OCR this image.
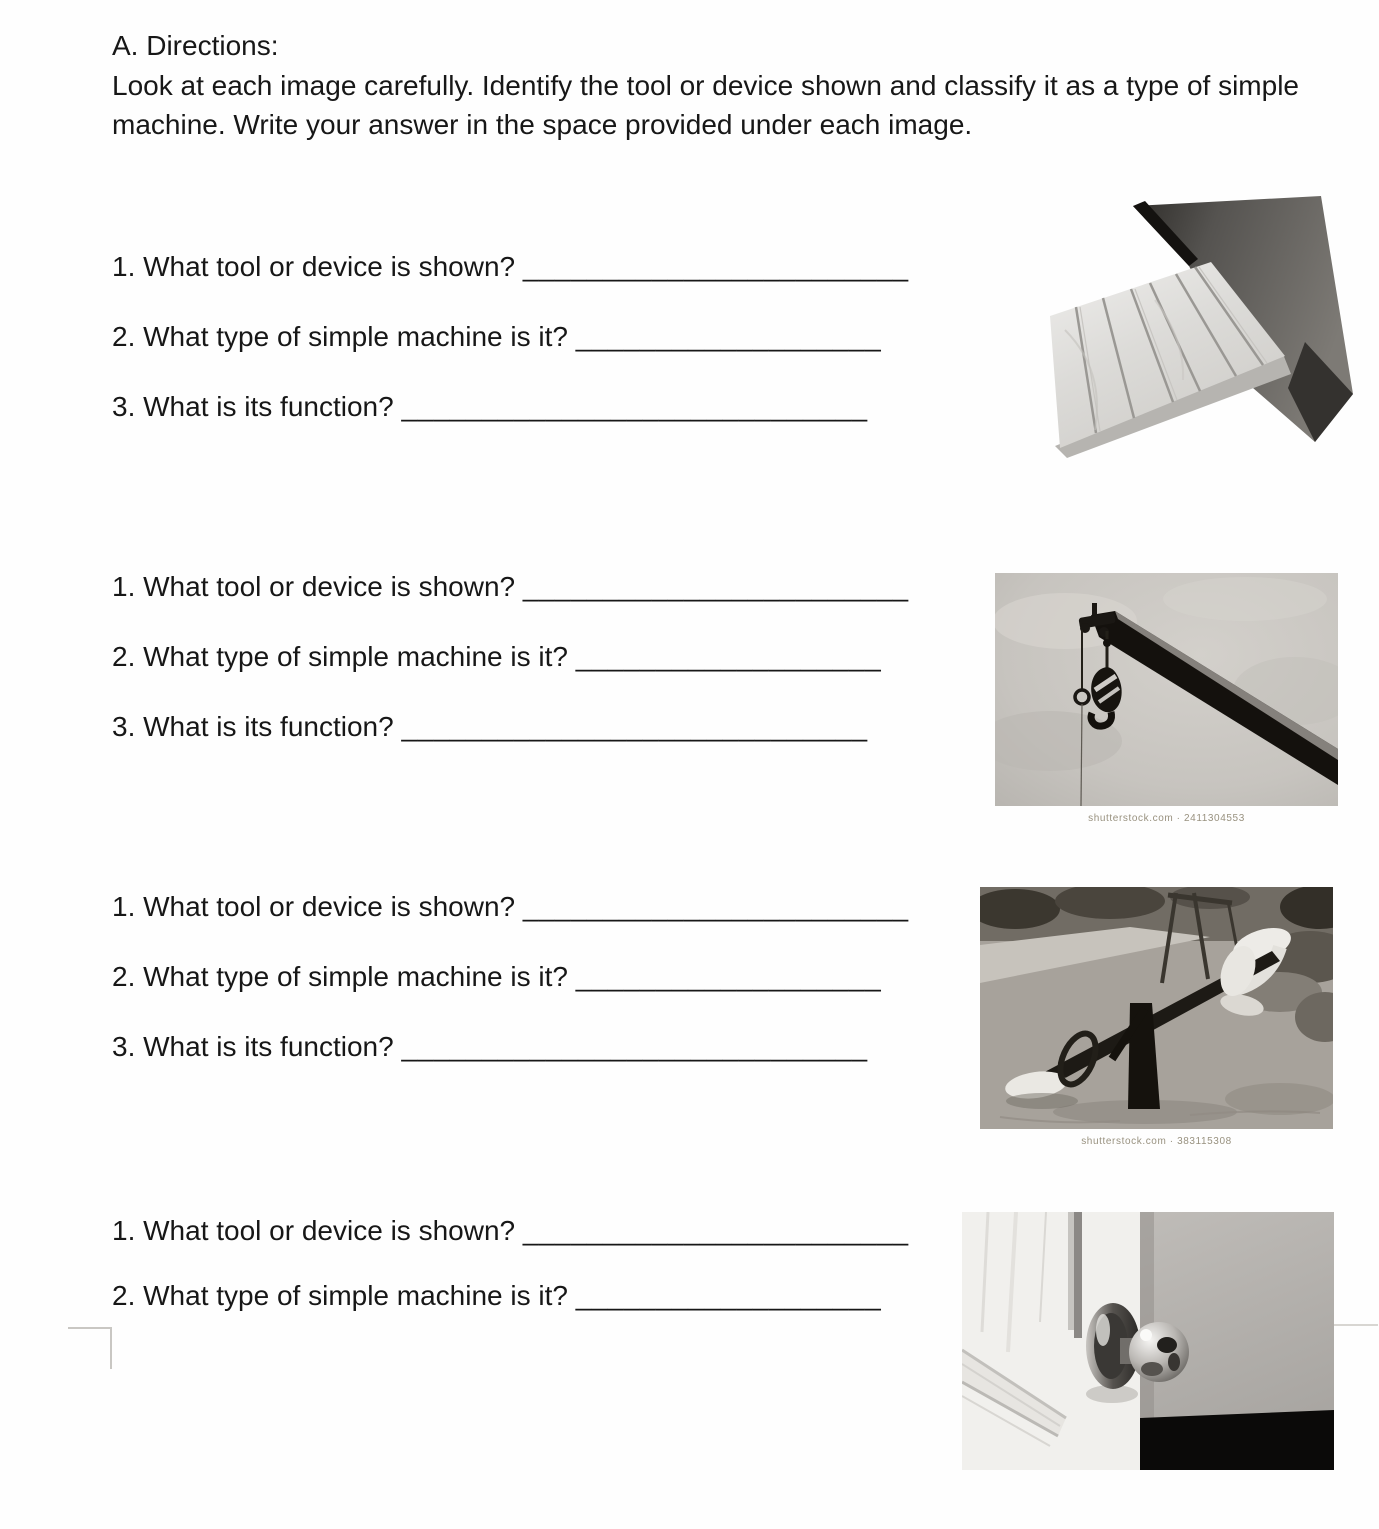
A. Directions:
Look at each image carefully. Identify the tool or device shown and classify it as a type of simple machine. Write your answer in the space provided under each image.
1. What tool or device is shown? ________________________
2. What type of simple machine is it? ___________________
3. What is its function? _____________________________
1. What tool or device is shown? ________________________
2. What type of simple machine is it? ___________________
3. What is its function? _____________________________
shutterstock.com · 2411304553
1. What tool or device is shown? ________________________
2. What type of simple machine is it? ___________________
3. What is its function? _____________________________
shutterstock.com · 383115308
1. What tool or device is shown? ________________________
2. What type of simple machine is it? ___________________
